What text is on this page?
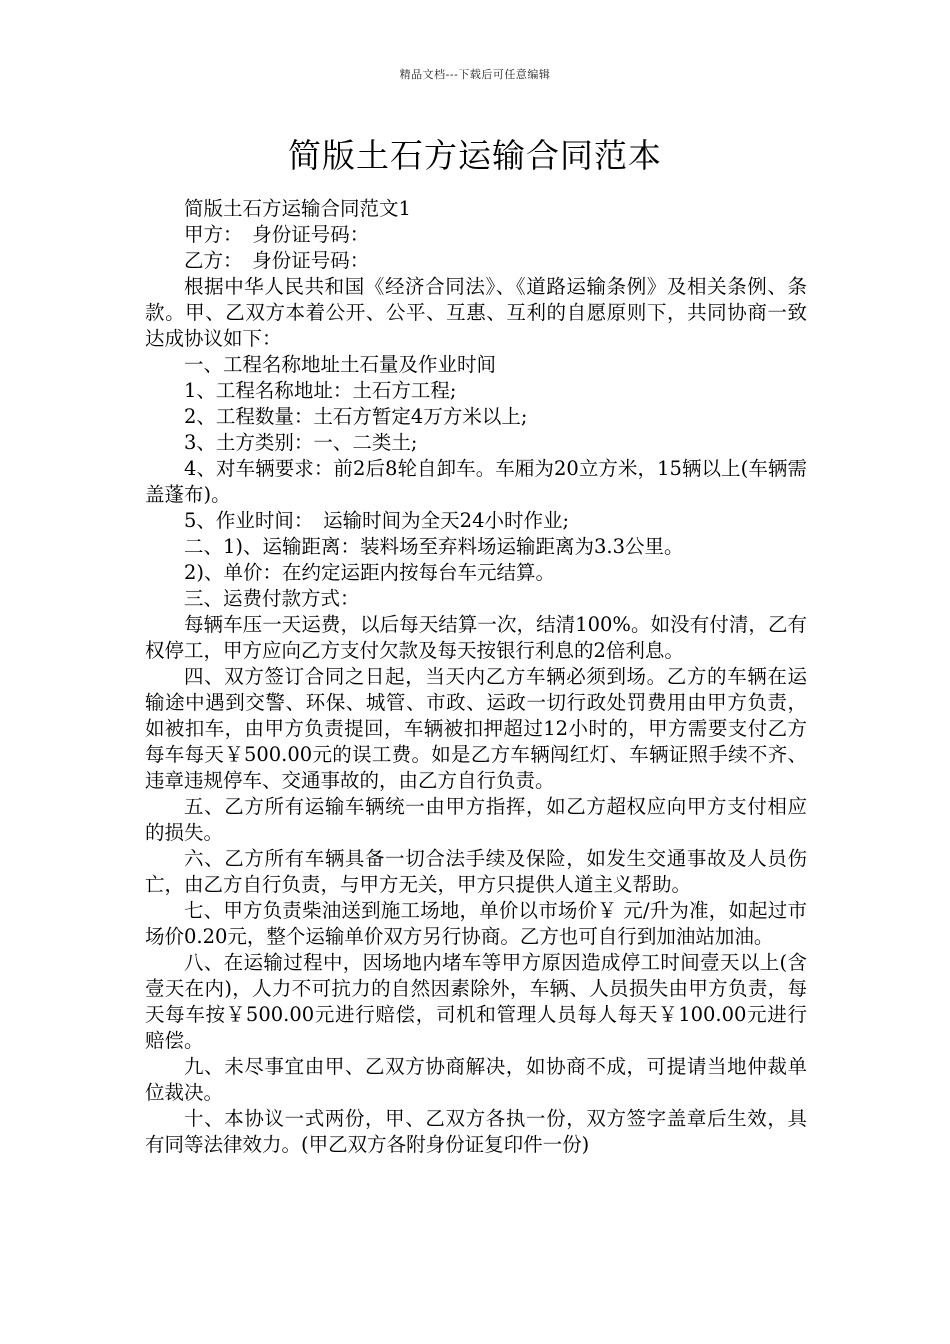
精品文档---下载后可任意编辑
简版土石方运输合同范本

简版土石方运输合同范文1

甲方：　身份证号码：

乙方：　身份证号码：

根据中华人民共和国《经济合同法》、《道路运输条例》及相关条例、条款。甲、乙双方本着公开、公平、互惠、互利的自愿原则下，共同协商一致达成协议如下：

一、工程名称地址土石量及作业时间

1、工程名称地址：土石方工程;

2、工程数量：土石方暂定4万方米以上;

3、土方类别：一、二类土;

4、对车辆要求：前2后8轮自卸车。车厢为20立方米，15辆以上(车辆需盖蓬布)。

5、作业时间：　运输时间为全天24小时作业;

二、1)、运输距离：装料场至弃料场运输距离为3.3公里。

2)、单价：在约定运距内按每台车元结算。

三、运费付款方式：

每辆车压一天运费，以后每天结算一次，结清100%。如没有付清，乙有权停工，甲方应向乙方支付欠款及每天按银行利息的2倍利息。

四、双方签订合同之日起，当天内乙方车辆必须到场。乙方的车辆在运输途中遇到交警、环保、城管、市政、运政一切行政处罚费用由甲方负责，如被扣车，由甲方负责提回，车辆被扣押超过12小时的，甲方需要支付乙方每车每天￥500.00元的误工费。如是乙方车辆闯红灯、车辆证照手续不齐、违章违规停车、交通事故的，由乙方自行负责。

五、乙方所有运输车辆统一由甲方指挥，如乙方超权应向甲方支付相应的损失。

六、乙方所有车辆具备一切合法手续及保险，如发生交通事故及人员伤亡，由乙方自行负责，与甲方无关，甲方只提供人道主义帮助。

七、甲方负责柴油送到施工场地，单价以市场价￥ 元/升为准，如起过市场价0.20元，整个运输单价双方另行协商。乙方也可自行到加油站加油。

八、在运输过程中，因场地内堵车等甲方原因造成停工时间壹天以上(含壹天在内)，人力不可抗力的自然因素除外，车辆、人员损失由甲方负责，每天每车按￥500.00元进行赔偿，司机和管理人员每人每天￥100.00元进行赔偿。

九、未尽事宜由甲、乙双方协商解决，如协商不成，可提请当地仲裁单位裁决。

十、本协议一式两份，甲、乙双方各执一份，双方签字盖章后生效，具有同等法律效力。(甲乙双方各附身份证复印件一份)
